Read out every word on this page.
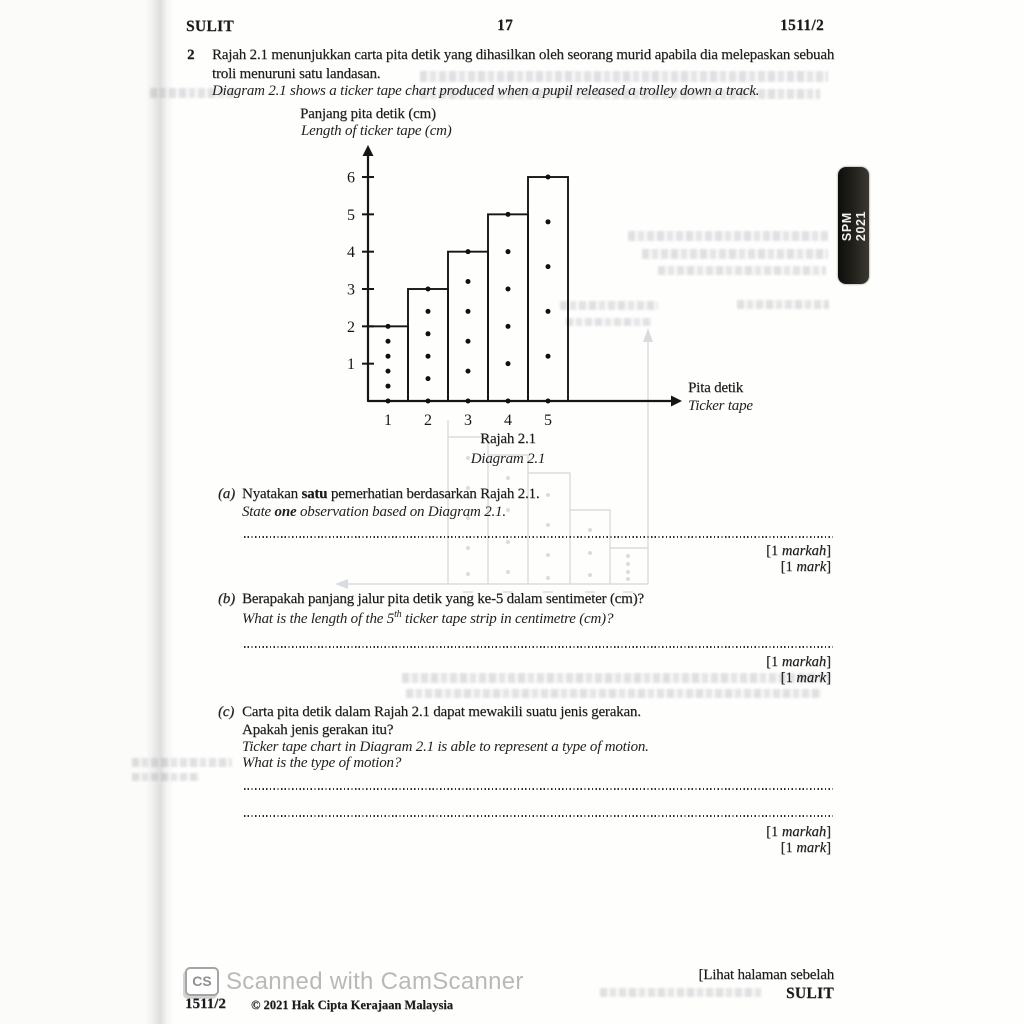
SULIT	17	1511/2
2 Rajah 2.1 menunjukkan carta pita detik yang dihasilkan oleh seorang murid apabila dia melepaskan sebuah
troli menuruni satu landasan.
Diagram 2.1 shows a ticker tape chart produced when a pupil released a trolley down a track.
Panjang pita detik (cm)
Length of ticker tape (cm)
Pita detik
Ticker tape
1
2
3
4
5
6
1 2 3 4 5
Rajah 2.1
Diagram 2.1
(a) Nyatakan satu pemerhatian berdasarkan Rajah 2.1.
State one observation based on Diagram 2.1.
[1 markah]
[1 mark]
(b) Berapakah panjang jalur pita detik yang ke-5 dalam sentimeter (cm)?
What is the length of the 5th ticker tape strip in centimetre (cm)?
[1 markah]
[1 mark]
(c) Carta pita detik dalam Rajah 2.1 dapat mewakili suatu jenis gerakan.
Apakah jenis gerakan itu?
Ticker tape chart in Diagram 2.1 is able to represent a type of motion.
What is the type of motion?
[1 markah]
[1 mark]
SPM 2021
[Lihat halaman sebelah
SULIT
CS Scanned with CamScanner
1511/2 © 2021 Hak Cipta Kerajaan Malaysia
